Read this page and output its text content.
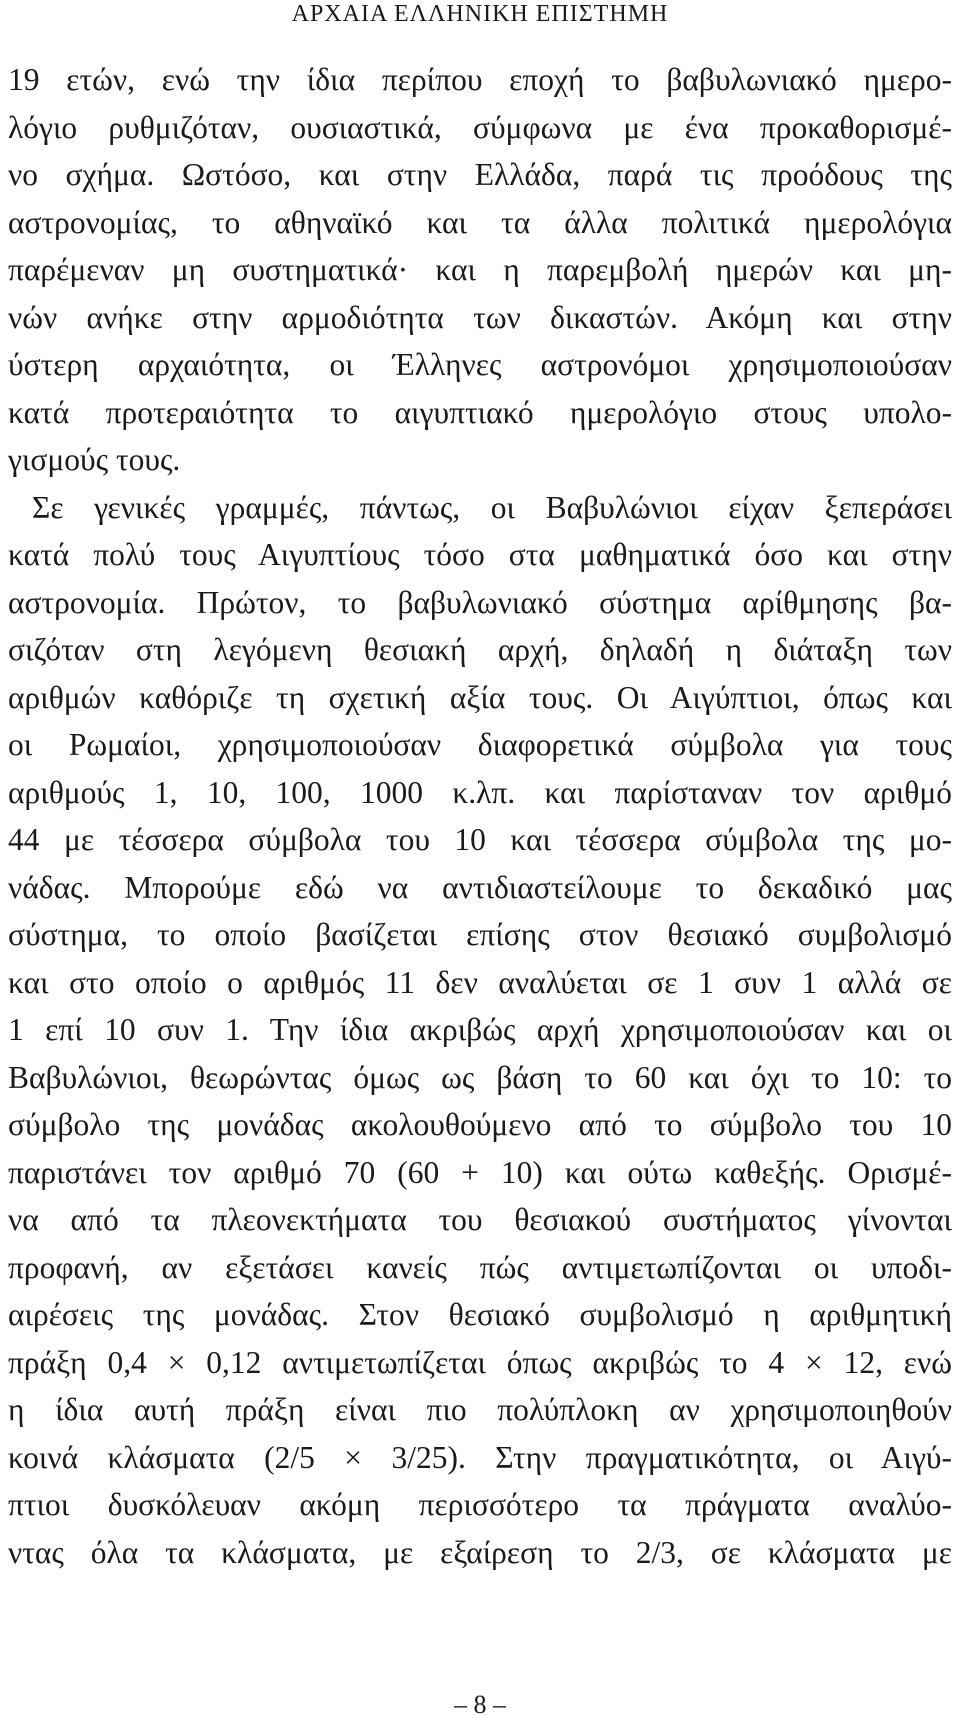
ΑΡΧΑΙΑ ΕΛΛΗΝΙΚΗ ΕΠΙΣΤΗΜΗ
19 ετών, ενώ την ίδια περίπου εποχή το βαβυλωνιακό ημερο-
λόγιο ρυθμιζόταν, ουσιαστικά, σύμφωνα με ένα προκαθορισμέ-
νο σχήμα. Ωστόσο, και στην Ελλάδα, παρά τις προόδους της
αστρονομίας, το αθηναϊκό και τα άλλα πολιτικά ημερολόγια
παρέμεναν μη συστηματικά· και η παρεμβολή ημερών και μη-
νών ανήκε στην αρμοδιότητα των δικαστών. Ακόμη και στην
ύστερη αρχαιότητα, οι Έλληνες αστρονόμοι χρησιμοποιούσαν
κατά προτεραιότητα το αιγυπτιακό ημερολόγιο στους υπολο-
γισμούς τους.
Σε γενικές γραμμές, πάντως, οι Βαβυλώνιοι είχαν ξεπεράσει
κατά πολύ τους Αιγυπτίους τόσο στα μαθηματικά όσο και στην
αστρονομία. Πρώτον, το βαβυλωνιακό σύστημα αρίθμησης βα-
σιζόταν στη λεγόμενη θεσιακή αρχή, δηλαδή η διάταξη των
αριθμών καθόριζε τη σχετική αξία τους. Οι Αιγύπτιοι, όπως και
οι Ρωμαίοι, χρησιμοποιούσαν διαφορετικά σύμβολα για τους
αριθμούς 1, 10, 100, 1000 κ.λπ. και παρίσταναν τον αριθμό
44 με τέσσερα σύμβολα του 10 και τέσσερα σύμβολα της μο-
νάδας. Μπορούμε εδώ να αντιδιαστείλουμε το δεκαδικό μας
σύστημα, το οποίο βασίζεται επίσης στον θεσιακό συμβολισμό
και στο οποίο ο αριθμός 11 δεν αναλύεται σε 1 συν 1 αλλά σε
1 επί 10 συν 1. Την ίδια ακριβώς αρχή χρησιμοποιούσαν και οι
Βαβυλώνιοι, θεωρώντας όμως ως βάση το 60 και όχι το 10: το
σύμβολο της μονάδας ακολουθούμενο από το σύμβολο του 10
παριστάνει τον αριθμό 70 (60 + 10) και ούτω καθεξής. Ορισμέ-
να από τα πλεονεκτήματα του θεσιακού συστήματος γίνονται
προφανή, αν εξετάσει κανείς πώς αντιμετωπίζονται οι υποδι-
αιρέσεις της μονάδας. Στον θεσιακό συμβολισμό η αριθμητική
πράξη 0,4 × 0,12 αντιμετωπίζεται όπως ακριβώς το 4 × 12, ενώ
η ίδια αυτή πράξη είναι πιο πολύπλοκη αν χρησιμοποιηθούν
κοινά κλάσματα (2/5 × 3/25). Στην πραγματικότητα, οι Αιγύ-
πτιοι δυσκόλευαν ακόμη περισσότερο τα πράγματα αναλύο-
ντας όλα τα κλάσματα, με εξαίρεση το 2/3, σε κλάσματα με
– 8 –
